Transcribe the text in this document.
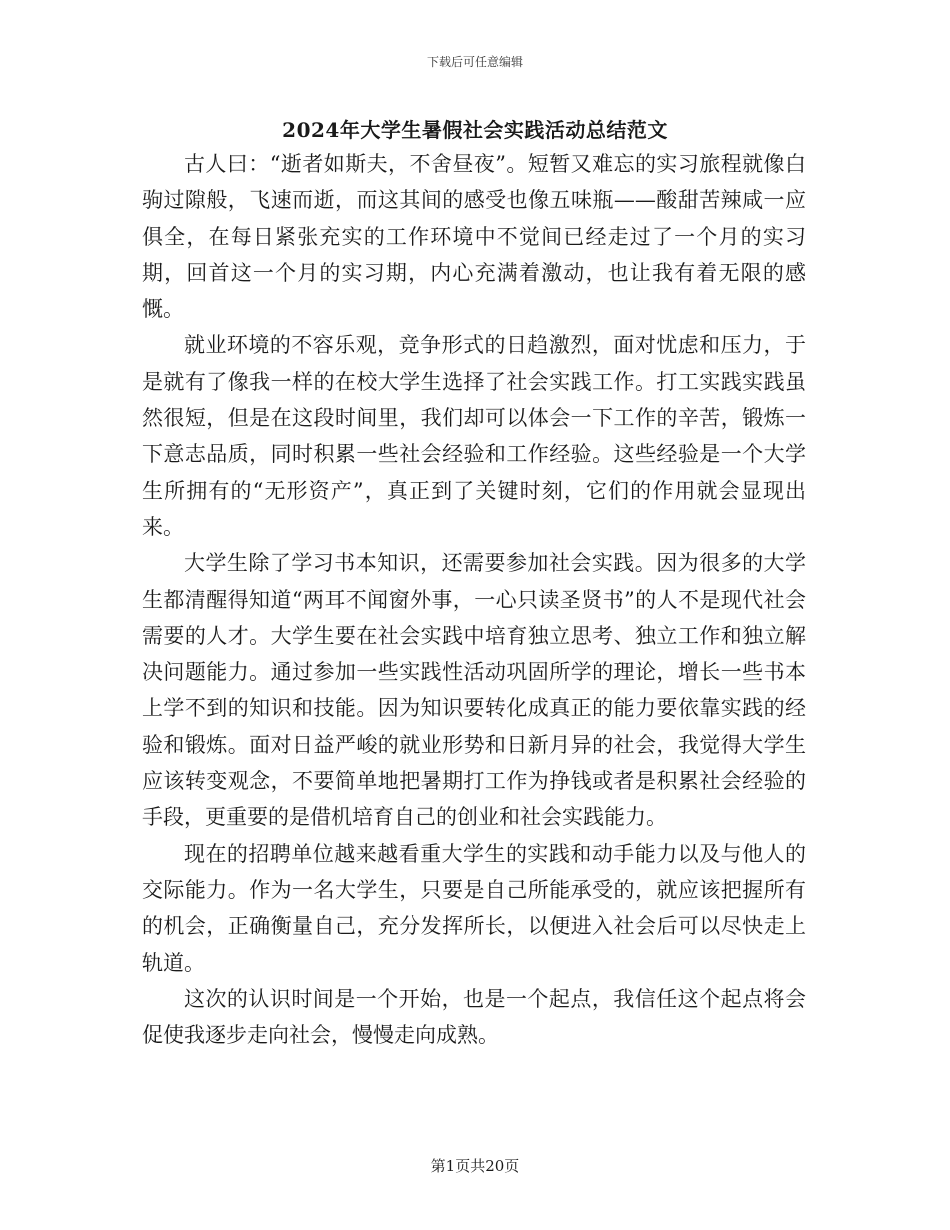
下载后可任意编辑
2024年大学生暑假社会实践活动总结范文

古人曰：“逝者如斯夫，不舍昼夜”。短暂又难忘的实习旅程就像白驹过隙般，飞速而逝，而这其间的感受也像五味瓶——酸甜苦辣咸一应俱全，在每日紧张充实的工作环境中不觉间已经走过了一个月的实习期，回首这一个月的实习期，内心充满着激动，也让我有着无限的感慨。

就业环境的不容乐观，竞争形式的日趋激烈，面对忧虑和压力，于是就有了像我一样的在校大学生选择了社会实践工作。打工实践实践虽然很短，但是在这段时间里，我们却可以体会一下工作的辛苦，锻炼一下意志品质，同时积累一些社会经验和工作经验。这些经验是一个大学生所拥有的“无形资产”，真正到了关键时刻，它们的作用就会显现出来。

大学生除了学习书本知识，还需要参加社会实践。因为很多的大学生都清醒得知道“两耳不闻窗外事，一心只读圣贤书”的人不是现代社会需要的人才。大学生要在社会实践中培育独立思考、独立工作和独立解决问题能力。通过参加一些实践性活动巩固所学的理论，增长一些书本上学不到的知识和技能。因为知识要转化成真正的能力要依靠实践的经验和锻炼。面对日益严峻的就业形势和日新月异的社会，我觉得大学生应该转变观念，不要简单地把暑期打工作为挣钱或者是积累社会经验的手段，更重要的是借机培育自己的创业和社会实践能力。

现在的招聘单位越来越看重大学生的实践和动手能力以及与他人的交际能力。作为一名大学生，只要是自己所能承受的，就应该把握所有的机会，正确衡量自己，充分发挥所长，以便进入社会后可以尽快走上轨道。

这次的认识时间是一个开始，也是一个起点，我信任这个起点将会促使我逐步走向社会，慢慢走向成熟。

第1页共20页
